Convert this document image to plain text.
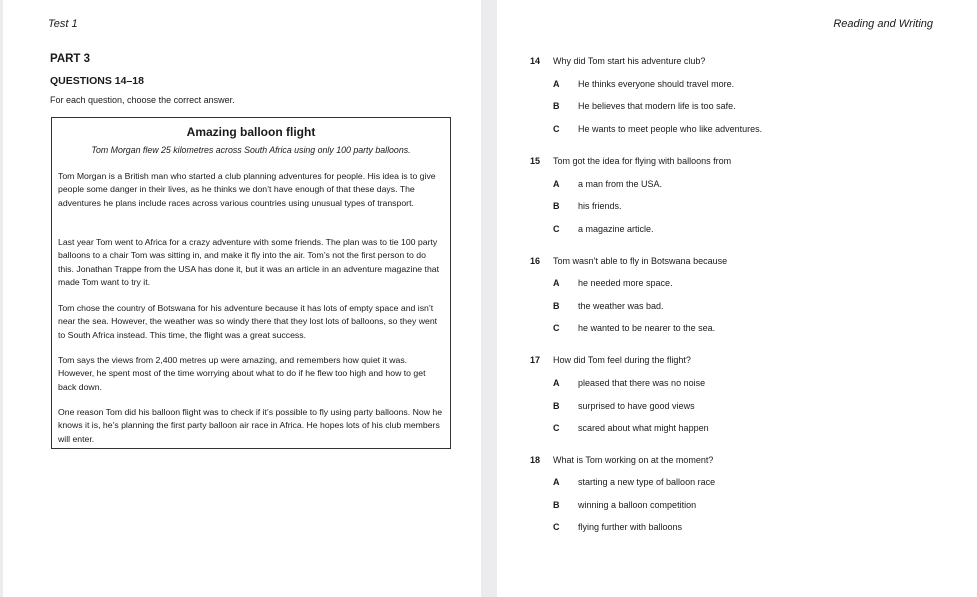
Test 1
PART 3
QUESTIONS 14–18
For each question, choose the correct answer.
Amazing balloon flight
Tom Morgan flew 25 kilometres across South Africa using only 100 party balloons.

Tom Morgan is a British man who started a club planning adventures for people. His idea is to give people some danger in their lives, as he thinks we don’t have enough of that these days. The adventures he plans include races across various countries using unusual types of transport.

Last year Tom went to Africa for a crazy adventure with some friends. The plan was to tie 100 party balloons to a chair Tom was sitting in, and make it fly into the air. Tom’s not the first person to do this. Jonathan Trappe from the USA has done it, but it was an article in an adventure magazine that made Tom want to try it.

Tom chose the country of Botswana for his adventure because it has lots of empty space and isn’t near the sea. However, the weather was so windy there that they lost lots of balloons, so they went to South Africa instead. This time, the flight was a great success.

Tom says the views from 2,400 metres up were amazing, and remembers how quiet it was. However, he spent most of the time worrying about what to do if he flew too high and how to get back down.

One reason Tom did his balloon flight was to check if it’s possible to fly using party balloons. Now he knows it is, he’s planning the first party balloon air race in Africa. He hopes lots of his club members will enter.

Reading and Writing
14 Why did Tom start his adventure club?
A He thinks everyone should travel more.
B He believes that modern life is too safe.
C He wants to meet people who like adventures.
15 Tom got the idea for flying with balloons from
A a man from the USA.
B his friends.
C a magazine article.
16 Tom wasn’t able to fly in Botswana because
A he needed more space.
B the weather was bad.
C he wanted to be nearer to the sea.
17 How did Tom feel during the flight?
A pleased that there was no noise
B surprised to have good views
C scared about what might happen
18 What is Tom working on at the moment?
A starting a new type of balloon race
B winning a balloon competition
C flying further with balloons
